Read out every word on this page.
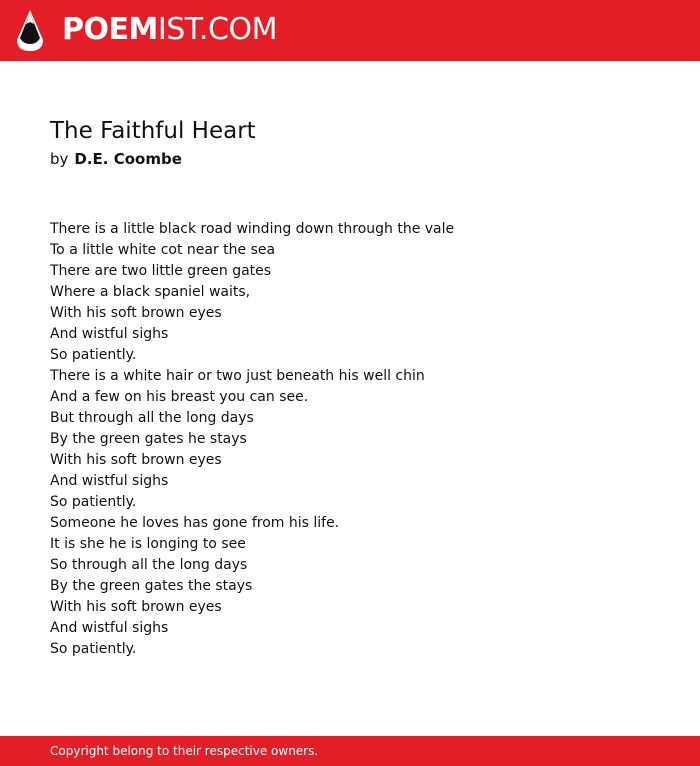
POEMIST.COM
The Faithful Heart
by D.E. Coombe
There is a little black road winding down through the vale
To a little white cot near the sea
There are two little green gates
Where a black spaniel waits,
With his soft brown eyes
And wistful sighs
So patiently.
There is a white hair or two just beneath his well chin
And a few on his breast you can see.
But through all the long days
By the green gates he stays
With his soft brown eyes
And wistful sighs
So patiently.
Someone he loves has gone from his life.
It is she he is longing to see
So through all the long days
By the green gates the stays
With his soft brown eyes
And wistful sighs
So patiently.
Copyright belong to their respective owners.
